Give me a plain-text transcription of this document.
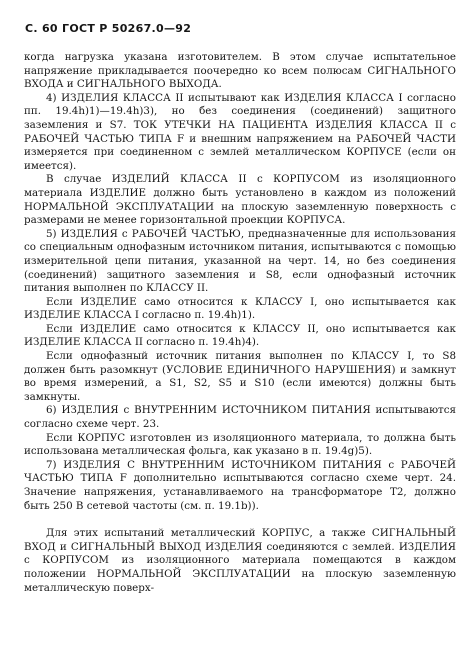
С. 60 ГОСТ Р 50267.0—92

когда нагрузка указана изготовителем. В этом случае испытательное напряжение прикладывается поочередно ко всем полюсам СИГНАЛЬНОГО ВХОДА и СИГНАЛЬНОГО ВЫХОДА.

4) ИЗДЕЛИЯ КЛАССА II испытывают как ИЗДЕЛИЯ КЛАССА I согласно пп. 19.4h)1)—19.4h)3), но без соединения (соединений) защитного заземления и S7. ТОК УТЕЧКИ НА ПАЦИЕНТА ИЗДЕЛИЯ КЛАССА II с РАБОЧЕЙ ЧАСТЬЮ ТИПА F и внешним напряжением на РАБОЧЕЙ ЧАСТИ измеряется при соединенном с землей металлическом КОРПУСЕ (если он имеется).

В случае ИЗДЕЛИЙ КЛАССА II с КОРПУСОМ из изоляционного материала ИЗДЕЛИЕ должно быть установлено в каждом из положений НОРМАЛЬНОЙ ЭКСПЛУАТАЦИИ на плоскую заземленную поверхность с размерами не менее горизонтальной проекции КОРПУСА.

5) ИЗДЕЛИЯ с РАБОЧЕЙ ЧАСТЬЮ, предназначенные для использования со специальным однофазным источником питания, испытываются с помощью измерительной цепи питания, указанной на черт. 14, но без соединения (соединений) защитного заземления и S8, если однофазный источник питания выполнен по КЛАССУ II.

Если ИЗДЕЛИЕ само относится к КЛАССУ I, оно испытывается как ИЗДЕЛИЕ КЛАССА I согласно п. 19.4h)1).

Если ИЗДЕЛИЕ само относится к КЛАССУ II, оно испытывается как ИЗДЕЛИЕ КЛАССА II согласно п. 19.4h)4).

Если однофазный источник питания выполнен по КЛАССУ I, то S8 должен быть разомкнут (УСЛОВИЕ ЕДИНИЧНОГО НАРУШЕНИЯ) и замкнут во время измерений, а S1, S2, S5 и S10 (если имеются) должны быть замкнуты.

6) ИЗДЕЛИЯ с ВНУТРЕННИМ ИСТОЧНИКОМ ПИТАНИЯ испытываются согласно схеме черт. 23.

Если КОРПУС изготовлен из изоляционного материала, то должна быть использована металлическая фольга, как указано в п. 19.4g)5).

7) ИЗДЕЛИЯ С ВНУТРЕННИМ ИСТОЧНИКОМ ПИТАНИЯ с РАБОЧЕЙ ЧАСТЬЮ ТИПА F дополнительно испытываются согласно схеме черт. 24. Значение напряжения, устанавливаемого на трансформаторе T2, должно быть 250 В сетевой частоты (см. п. 19.1b)).

Для этих испытаний металлический КОРПУС, а также СИГНАЛЬНЫЙ ВХОД и СИГНАЛЬНЫЙ ВЫХОД ИЗДЕЛИЯ соединяются с землей. ИЗДЕЛИЯ с КОРПУСОМ из изоляционного материала помещаются в каждом положении НОРМАЛЬНОЙ ЭКСПЛУАТАЦИИ на плоскую заземленную металлическую поверх-
